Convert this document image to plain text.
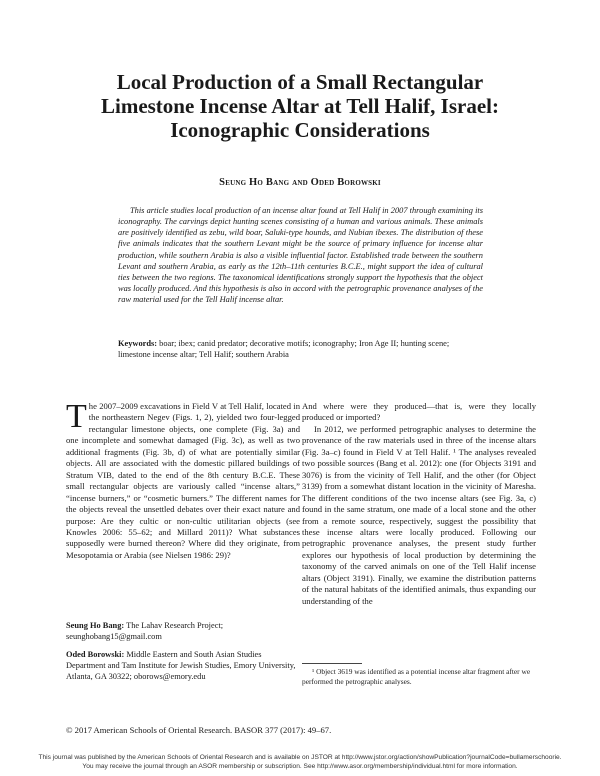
Local Production of a Small Rectangular
Limestone Incense Altar at Tell Halif, Israel:
Iconographic Considerations

Seung Ho Bang and Oded Borowski

This article studies local production of an incense altar found at Tell Halif in 2007 through examining its iconography. The carvings depict hunting scenes consisting of a human and various animals. These animals are positively identified as zebu, wild boar, Saluki-type hounds, and Nubian ibexes. The distribution of these five animals indicates that the southern Levant might be the source of primary influence for incense altar production, while southern Arabia is also a visible influential factor. Established trade between the southern Levant and southern Arabia, as early as the 12th–11th centuries B.C.E., might support the idea of cultural ties between the two regions. The taxonomical identifications strongly support the hypothesis that the object was locally produced. And this hypothesis is also in accord with the petrographic provenance analyses of the raw material used for the Tell Halif incense altar.

Keywords: boar; ibex; canid predator; decorative motifs; iconography; Iron Age II; hunting scene; limestone incense altar; Tell Halif; southern Arabia

The 2007–2009 excavations in Field V at Tell Halif, located in the northeastern Negev (Figs. 1, 2), yielded two four-legged rectangular limestone objects, one complete (Fig. 3a) and one incomplete and somewhat damaged (Fig. 3c), as well as two additional fragments (Fig. 3b, d) of what are potentially similar objects. All are associated with the domestic pillared buildings of Stratum VIB, dated to the end of the 8th century B.C.E. These small rectangular objects are variously called “incense altars,” “incense burners,” or “cosmetic burners.” The different names for the objects reveal the unsettled debates over their exact nature and purpose: Are they cultic or non-cultic utilitarian objects (see Knowles 2006: 55–62; and Millard 2011)? What substances supposedly were burned thereon? Where did they originate, from Mesopotamia or Arabia (see Nielsen 1986: 29)?

And where were they produced—that is, were they locally produced or imported?

In 2012, we performed petrographic analyses to determine the provenance of the raw materials used in three of the incense altars (Fig. 3a–c) found in Field V at Tell Halif. ¹ The analyses revealed two possible sources (Bang et al. 2012): one (for Objects 3191 and 3076) is from the vicinity of Tell Halif, and the other (for Object 3139) from a somewhat distant location in the vicinity of Maresha. The different conditions of the two incense altars (see Fig. 3a, c) found in the same stratum, one made of a local stone and the other from a remote source, respectively, suggest the possibility that these incense altars were locally produced. Following our petrographic provenance analyses, the present study further explores our hypothesis of local production by determining the taxonomy of the carved animals on one of the Tell Halif incense altars (Object 3191). Finally, we examine the distribution patterns of the natural habitats of the identified animals, thus expanding our understanding of the

Seung Ho Bang: The Lahav Research Project; seunghobang15@gmail.com

Oded Borowski: Middle Eastern and South Asian Studies Department and Tam Institute for Jewish Studies, Emory University, Atlanta, GA 30322; oborows@emory.edu

¹ Object 3619 was identified as a potential incense altar fragment after we performed the petrographic analyses.

© 2017 American Schools of Oriental Research. BASOR 377 (2017): 49–67.

This journal was published by the American Schools of Oriental Research and is available on JSTOR at http://www.jstor.org/action/showPublication?journalCode=bullamerschoorie.
You may receive the journal through an ASOR membership or subscription. See http://www.asor.org/membership/individual.html for more information.
